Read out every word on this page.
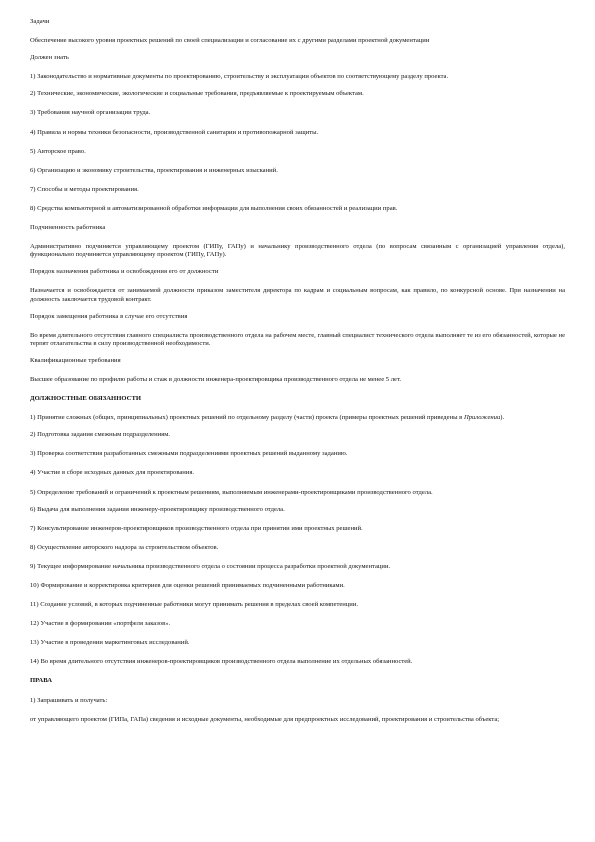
Задачи
Обеспечение высокого уровня проектных решений по своей специализации и согласование их с другими разделами проектной документации
Должен знать
1) Законодательство и нормативные документы по проектированию, строительству и эксплуатации объектов по соответствующему разделу проекта.
2) Технические, экономические, экологические и социальные требования, предъявляемые к проектируемым объектам.
3) Требования научной организации труда.
4) Правила и нормы техники безопасности, производственной санитарии и противопожарной защиты.
5) Авторское право.
6) Организацию и экономику строительства, проектирования и инженерных изысканий.
7) Способы и методы проектирования.
8) Средства компьютерной и автоматизированной обработки информации для выполнения своих обязанностей и реализации прав.
Подчиненность работника
Административно подчиняется управляющему проектом (ГИПу, ГАПу) и начальнику производственного отдела (по вопросам связанным с организацией управления отдела), функционально подчиняется управляющему проектом (ГИПу, ГАПу).
Порядок назначения работника и освобождения его от должности
Назначается и освобождается от занимаемой должности приказом заместителя директора по кадрам и социальным вопросам, как правило, по конкурсной основе. При назначении на должность заключается трудовой контракт.
Порядок замещения работника в случае его отсутствия
Во время длительного отсутствия главного специалиста производственного отдела на рабочем месте, главный специалист технического отдела выполняет те из его обязанностей, которые не терпят отлагательства в силу производственной необходимости.
Квалификационные требования
Высшее образование по профилю работы и стаж в должности инженера-проектировщика производственного отдела не менее 5 лет.
ДОЛЖНОСТНЫЕ ОБЯЗАННОСТИ
1) Принятие сложных (общих, принципиальных) проектных решений по отдельному разделу (части) проекта (примеры проектных решений приведены в Приложении).
2) Подготовка задания смежным подразделениям.
3) Проверка соответствия разработанных смежными подразделениями проектных решений выданному заданию.
4) Участие в сборе исходных данных для проектирования.
5) Определение требований и ограничений к проектным решениям, выполняемым инженерами-проектировщиками производственного отдела.
6) Выдача для выполнения задания инженеру-проектировщику производственного отдела.
7) Консультирование инженеров-проектировщиков производственного отдела при принятии ими проектных решений.
8) Осуществление авторского надзора за строительством объектов.
9) Текущее информирование начальника производственного отдела о состоянии процесса разработки проектной документации.
10) Формирование и корректировка критериев для оценки решений принимаемых подчиненными работниками.
11) Создание условий, в которых подчиненные работники могут принимать решения в пределах своей компетенции.
12) Участие в формировании «портфеля заказов».
13) Участие в проведении маркетинговых исследований.
14) Во время длительного отсутствия инженеров-проектировщиков производственного отдела выполнение их отдельных обязанностей.
ПРАВА
1) Запрашивать и получать:
от управляющего проектом (ГИПа, ГАПа) сведения и исходные документы, необходимые для предпроектных исследований, проектирования и строительства объекта;
